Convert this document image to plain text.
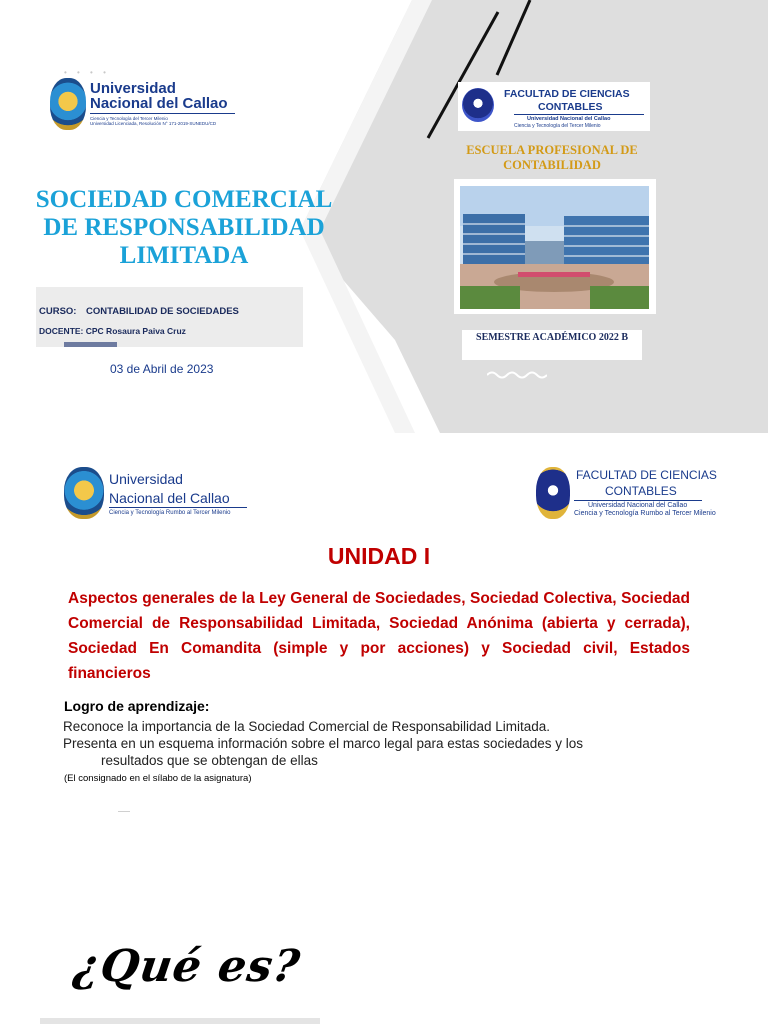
• • • •
Universidad
Nacional del Callao
Ciencia y Tecnología del Tercer Milenio
Universidad Licenciada, Resolución N° 171-2019-SUNEDU/CD
SOCIEDAD COMERCIAL DE RESPONSABILIDAD LIMITADA
CURSO: CONTABILIDAD DE SOCIEDADES
DOCENTE: CPC Rosaura Paiva Cruz
03 de Abril de 2023
FACULTAD DE CIENCIAS
CONTABLES
Universidad Nacional del Callao
Ciencia y Tecnología del Tercer Milenio
ESCUELA PROFESIONAL DE CONTABILIDAD
SEMESTRE ACADÉMICO 2022 B
Universidad
Nacional del Callao
Ciencia y Tecnología Rumbo al Tercer Milenio
FACULTAD DE CIENCIAS
CONTABLES
Universidad Nacional del Callao
Ciencia y Tecnología Rumbo al Tercer Milenio
UNIDAD I
Aspectos generales de la Ley General de Sociedades, Sociedad Colectiva, Sociedad Comercial de Responsabilidad Limitada, Sociedad Anónima (abierta y cerrada), Sociedad En Comandita (simple y por acciones) y Sociedad civil, Estados financieros
Logro de aprendizaje:

Reconoce la importancia de la Sociedad Comercial de Responsabilidad Limitada.

Presenta en un esquema información sobre el marco legal para estas sociedades y los

resultados que se obtengan de ellas

(El consignado en el sílabo de la asignatura)
¿Qué es?
